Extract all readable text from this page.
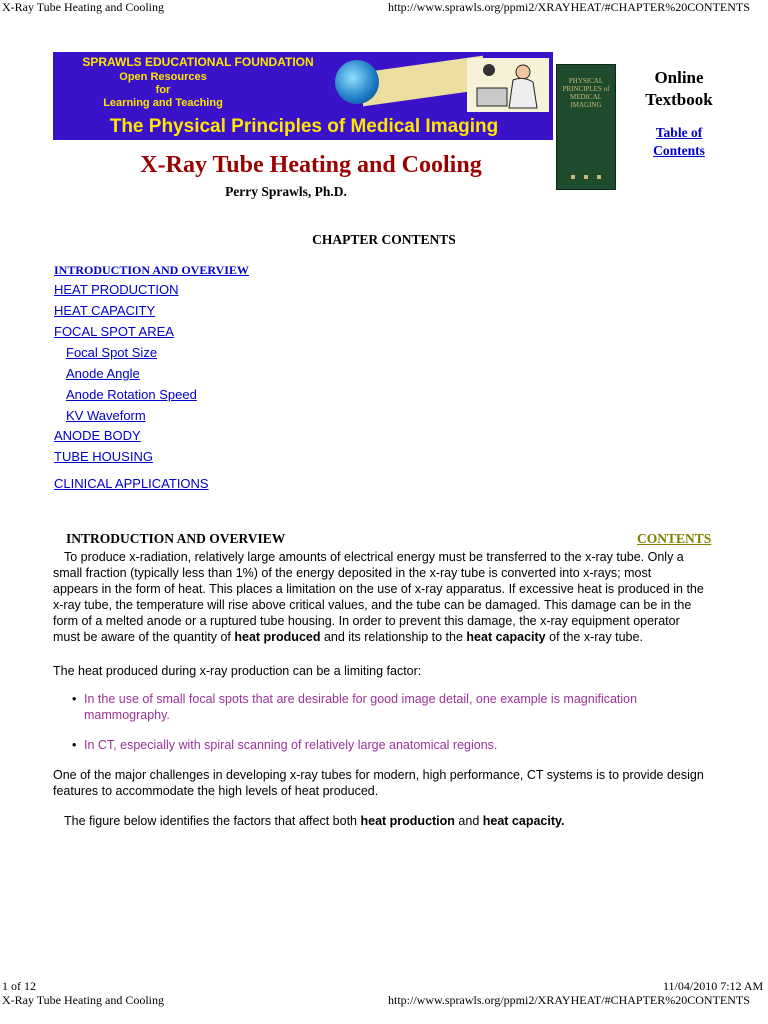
X-Ray Tube Heating and Cooling	http://www.sprawls.org/ppmi2/XRAYHEAT/#CHAPTER%20CONTENTS
SPRAWLS EDUCATIONAL FOUNDATION
Open Resources
for
Learning and Teaching
The Physical Principles of Medical Imaging
PHYSICAL PRINCIPLES of MEDICAL IMAGING
Online
Textbook
Table of
Contents
X-Ray Tube Heating and Cooling
Perry Sprawls, Ph.D.
CHAPTER CONTENTS
INTRODUCTION AND OVERVIEW
HEAT PRODUCTION
HEAT CAPACITY
FOCAL SPOT AREA
Focal Spot Size
Anode Angle
Anode Rotation Speed
KV Waveform
ANODE BODY
TUBE HOUSING
CLINICAL APPLICATIONS
INTRODUCTION AND OVERVIEW	CONTENTS
To produce x-radiation, relatively large amounts of electrical energy must be transferred to the x-ray tube. Only a
small fraction (typically less than 1%) of the energy deposited in the x-ray tube is converted into x-rays; most
appears in the form of heat. This places a limitation on the use of x-ray apparatus. If excessive heat is produced in the
x-ray tube, the temperature will rise above critical values, and the tube can be damaged. This damage can be in the
form of a melted anode or a ruptured tube housing. In order to prevent this damage, the x-ray equipment operator
must be aware of the quantity of heat produced and its relationship to the heat capacity of the x-ray tube.
The heat produced during x-ray production can be a limiting factor:
• In the use of small focal spots that are desirable for good image detail, one example is magnification
mammography.
• In CT, especially with spiral scanning of relatively large anatomical regions.
One of the major challenges in developing x-ray tubes for modern, high performance, CT systems is to provide design
features to accommodate the high levels of heat produced.
The figure below identifies the factors that affect both heat production and heat capacity.
1 of 12	11/04/2010 7:12 AM
X-Ray Tube Heating and Cooling	http://www.sprawls.org/ppmi2/XRAYHEAT/#CHAPTER%20CONTENTS
